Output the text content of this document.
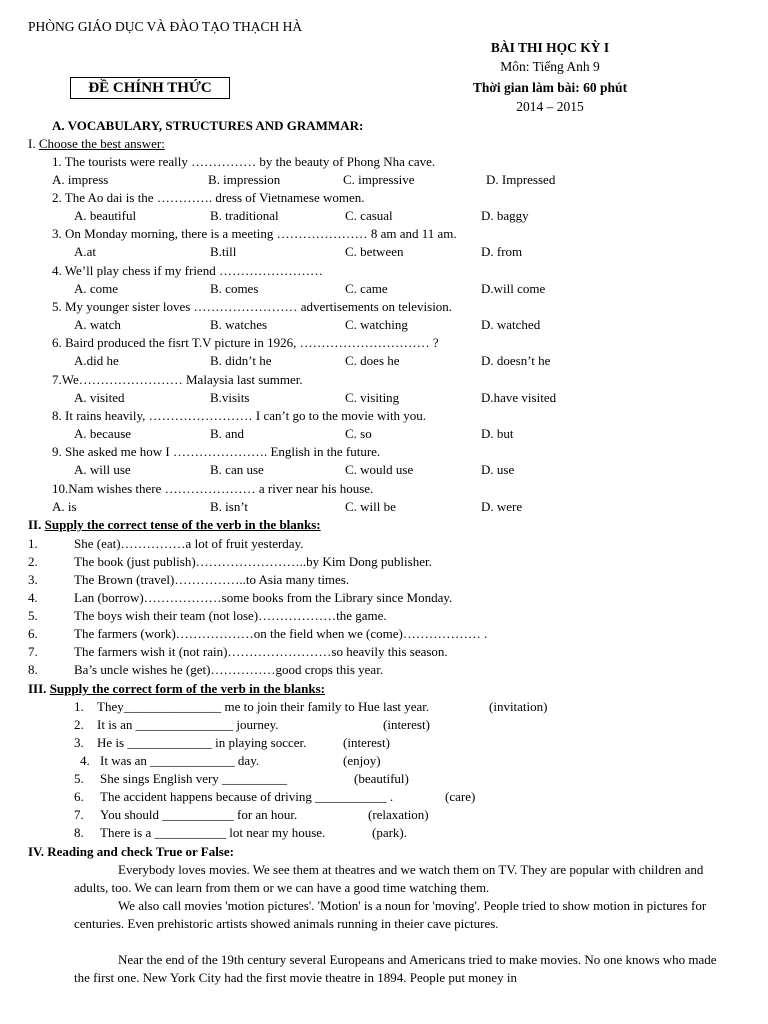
PHÒNG GIÁO DỤC VÀ ĐÀO TẠO THẠCH HÀ
BÀI THI HỌC KỲ I
Môn: Tiếng Anh 9
Thời gian làm bài: 60 phút
2014 – 2015
ĐỀ CHÍNH THỨC
A. VOCABULARY, STRUCTURES AND GRAMMAR:
I. Choose the best answer:
1. The tourists were really …………… by the beauty of Phong Nha cave.
A. impress	B. impression	C. impressive	D. Impressed
2. The Ao dai is the …………. dress of Vietnamese women.
A. beautiful	B. traditional	C. casual	D. baggy
3. On Monday morning, there is a meeting ………………… 8 am and 11 am.
A.at	B.till	C. between	D. from
4. We’ll play chess if my friend ……………………
A. come	B. comes	C. came	D.will come
5. My younger sister loves …………………… advertisements on television.
A. watch	B. watches	C. watching	D. watched
6. Baird produced the fisrt T.V picture in 1926, ………………………… ?
A.did he	B. didn’t he	C. does he	D. doesn’t he
7.We…………………… Malaysia last summer.
A. visited	B.visits	C. visiting	D.have visited
8. It rains heavily, …………………… I can’t go to the movie with you.
A. because	B. and	C. so	D. but
9. She asked me how I …………………. English in the future.
A. will use	B. can use	C. would use	D. use
10.Nam wishes there ………………… a river near his house.
A. is	B. isn’t	C. will be	D. were
II. Supply the correct tense of the verb in the blanks:
1.	She (eat)……………a lot of fruit yesterday.
2.	The book (just publish)……………………..by Kim Dong publisher.
3.	The Brown (travel)……………..to Asia many times.
4.	Lan (borrow)………………some books from the Library since Monday.
5.	The boys wish their team (not lose)………………the game.
6.	The farmers (work)………………on the field when we (come)……………… .
7.	The farmers wish it (not rain)……………………so heavily this season.
8.	Ba’s uncle wishes he (get)……………good crops this year.
III. Supply the correct form of the verb in the blanks:
1. They_______________ me to join their family to Hue last year.	(invitation)
2. It is an _______________ journey.	(interest)
3. He is _____________ in playing soccer.	(interest)
4. It was an _____________ day.	(enjoy)
5. She sings English very __________	(beautiful)
6. The accident happens because of driving ___________ .	(care)
7. You should ___________ for an hour.	(relaxation)
8. There is a ___________ lot near my house.	(park).
IV. Reading and check True or False:
Everybody loves movies. We see them at theatres and we watch them on TV. They are popular with children and adults, too. We can learn from them or we can have a good time watching them.
We also call movies 'motion pictures'. 'Motion' is a noun for 'moving'. People tried to show motion in pictures for centuries. Even prehistoric artists showed animals running in theier cave pictures.
Near the end of the 19th century several Europeans and Americans tried to make movies. No one knows who made the first one. New York City had the first movie theatre in 1894. People put money in
